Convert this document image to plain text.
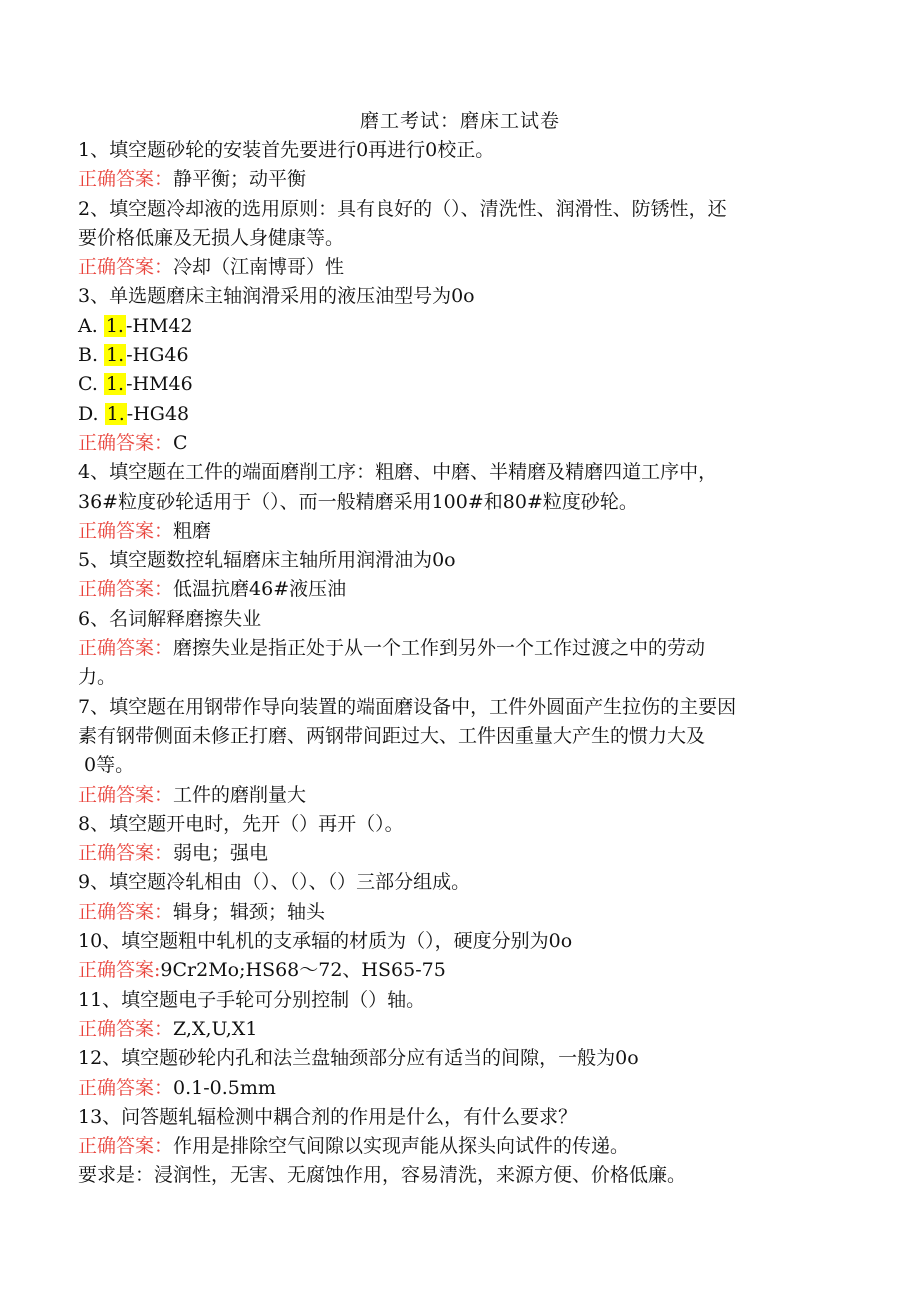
磨工考试：磨床工试卷
1、填空题砂轮的安装首先要进行0再进行0校正。
正确答案：静平衡；动平衡
2、填空题冷却液的选用原则：具有良好的（）、清洗性、润滑性、防锈性，还
要价格低廉及无损人身健康等。
正确答案：冷却（江南博哥）性
3、单选题磨床主轴润滑采用的液压油型号为0o
A. 1. -HM42
B. 1. -HG46
C. 1. -HM46
D. 1. -HG48
正确答案：C
4、填空题在工件的端面磨削工序：粗磨、中磨、半精磨及精磨四道工序中，
36#粒度砂轮适用于（）、而一般精磨采用100#和80#粒度砂轮。
正确答案：粗磨
5、填空题数控轧辐磨床主轴所用润滑油为0o
正确答案：低温抗磨46#液压油
6、名词解释磨擦失业
正确答案：磨擦失业是指正处于从一个工作到另外一个工作过渡之中的劳动
力。
7、填空题在用钢带作导向装置的端面磨设备中，工件外圆面产生拉伤的主要因
素有钢带侧面未修正打磨、两钢带间距过大、工件因重量大产生的惯力大及
0等。
正确答案：工件的磨削量大
8、填空题开电时，先开（）再开（）。
正确答案：弱电；强电
9、填空题冷轧相由（）、（）、（）三部分组成。
正确答案：辑身；辑颈；轴头
10、填空题粗中轧机的支承辐的材质为（），硬度分别为0o
正确答案:9Cr2Mo;HS68～72、HS65-75
11、填空题电子手轮可分别控制（）轴。
正确答案：Z,X,U,X1
12、填空题砂轮内孔和法兰盘轴颈部分应有适当的间隙，一般为0o
正确答案：0.1-0.5mm
13、问答题轧辐检测中耦合剂的作用是什么，有什么要求？
正确答案：作用是排除空气间隙以实现声能从探头向试件的传递。
要求是：浸润性，无害、无腐蚀作用，容易清洗，来源方便、价格低廉。
